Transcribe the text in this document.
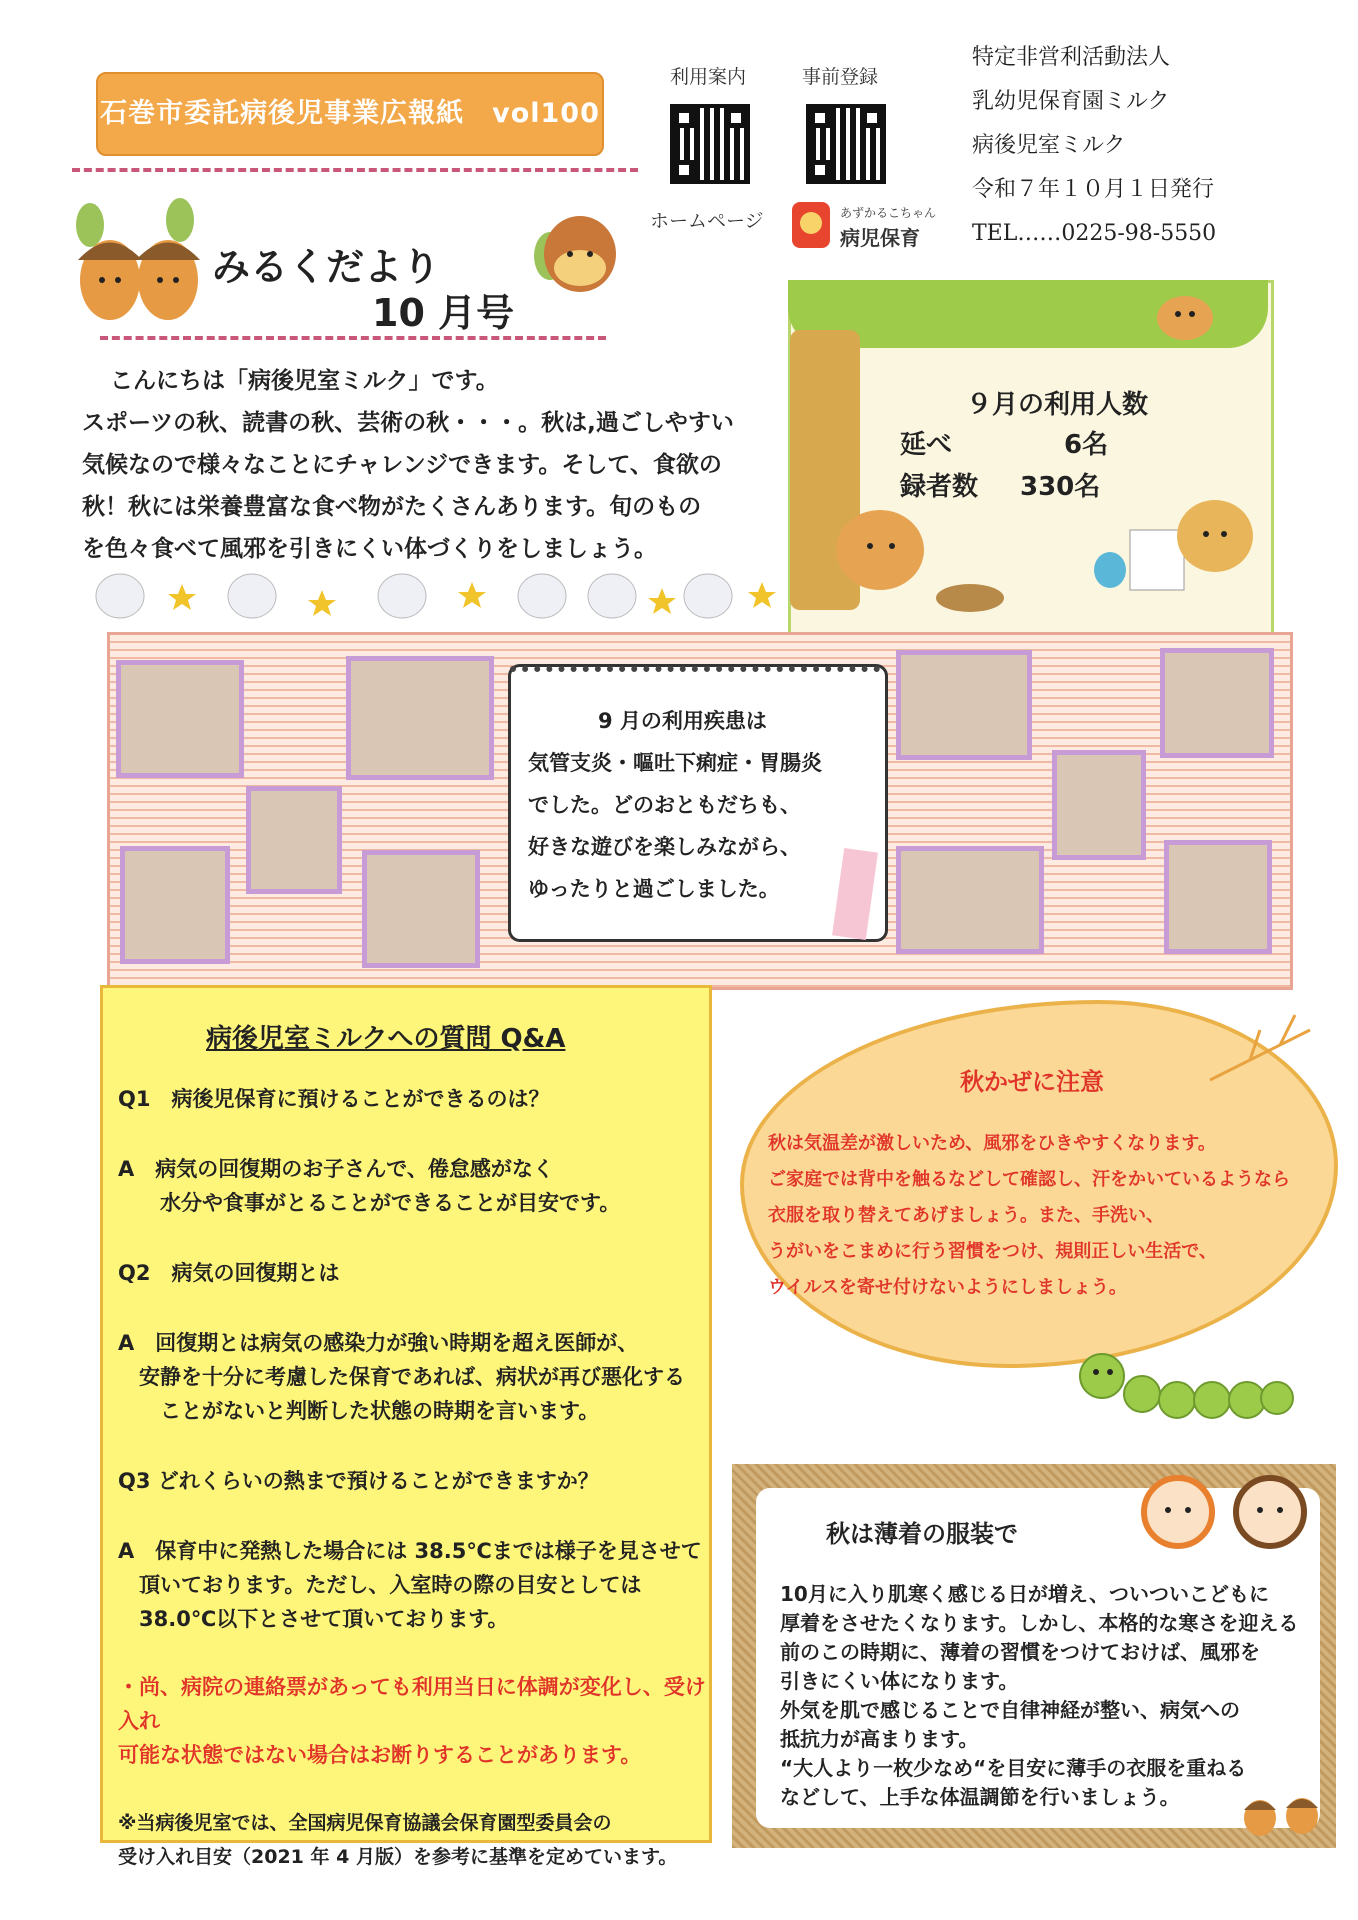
石巻市委託病後児事業広報紙　vol100
利用案内	事前登録
ホームページ	あずかるこちゃん
病児保育
特定非営利活動法人
乳幼児保育園ミルク
病後児室ミルク
令和７年１０月１日発行
TEL……0225-98-5550
みるくだより
10 月号
こんにちは「病後児室ミルク」です。
スポーツの秋、読書の秋、芸術の秋・・・。秋は,過ごしやすい
気候なので様々なことにチャレンジできます。そして、食欲の
秋！秋には栄養豊富な食べ物がたくさんあります。旬のもの
を色々食べて風邪を引きにくい体づくりをしましょう。
９月の利用人数
延べ	6名
録者数 330名
9 月の利用疾患は
気管支炎・嘔吐下痢症・胃腸炎
でした。どのおともだちも、
好きな遊びを楽しみながら、
ゆったりと過ごしました。
病後児室ミルクへの質問 Q&A
Q1　病後児保育に預けることができるのは？
A　病気の回復期のお子さんで、倦怠感がなく
　　水分や食事がとることができることが目安です。
Q2　病気の回復期とは
A　回復期とは病気の感染力が強い時期を超え医師が、
　安静を十分に考慮した保育であれば、病状が再び悪化する
　　ことがないと判断した状態の時期を言います。
Q3 どれくらいの熱まで預けることができますか？
A　保育中に発熱した場合には 38.5℃までは様子を見させて
　頂いております。ただし、入室時の際の目安としては
　38.0℃以下とさせて頂いております。
・尚、病院の連絡票があっても利用当日に体調が変化し、受け入れ
可能な状態ではない場合はお断りすることがあります。
※当病後児室では、全国病児保育協議会保育園型委員会の
受け入れ目安（2021 年 4 月版）を参考に基準を定めています。
秋かぜに注意
秋は気温差が激しいため、風邪をひきやすくなります。
ご家庭では背中を触るなどして確認し、汗をかいているようなら
衣服を取り替えてあげましょう。また、手洗い、
うがいをこまめに行う習慣をつけ、規則正しい生活で、
ウイルスを寄せ付けないようにしましょう。
秋は薄着の服装で
10月に入り肌寒く感じる日が増え、ついついこどもに
厚着をさせたくなります。しかし、本格的な寒さを迎える
前のこの時期に、薄着の習慣をつけておけば、風邪を
引きにくい体になります。
外気を肌で感じることで自律神経が整い、病気への
抵抗力が高まります。
“大人より一枚少なめ“を目安に薄手の衣服を重ねる
などして、上手な体温調節を行いましょう。
